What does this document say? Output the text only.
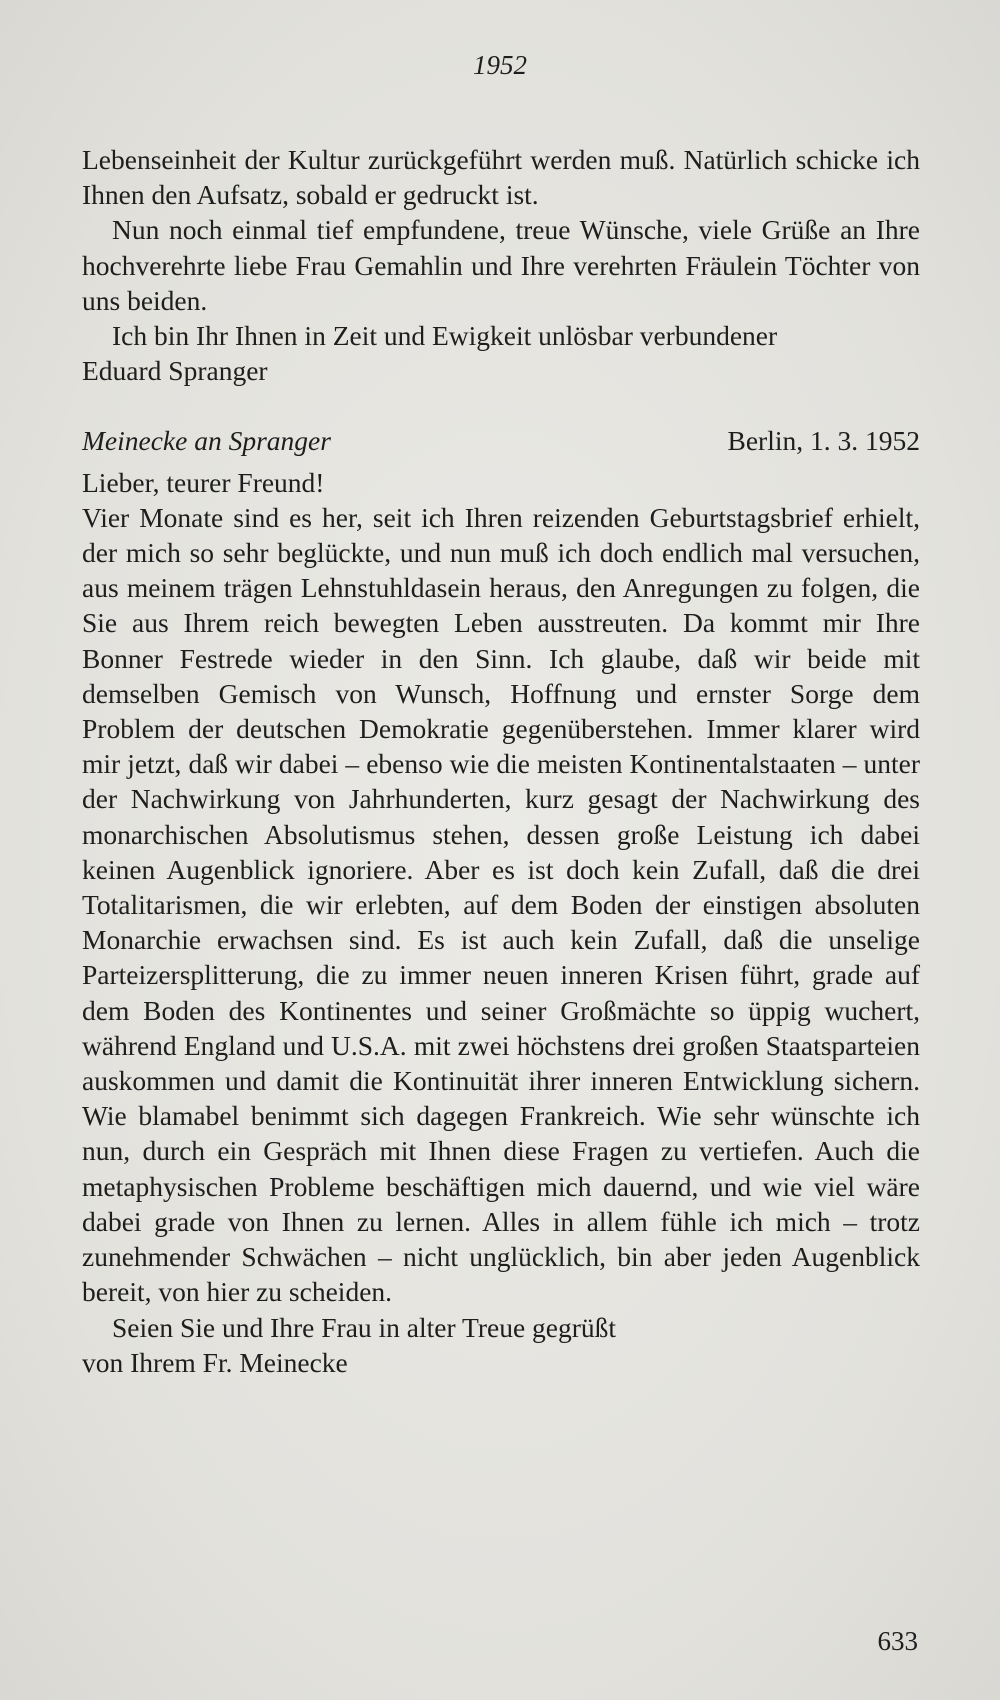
1952

Lebenseinheit der Kultur zurückgeführt werden muß. Natürlich schicke ich Ihnen den Aufsatz, sobald er gedruckt ist.

Nun noch einmal tief empfundene, treue Wünsche, viele Grüße an Ihre hochverehrte liebe Frau Gemahlin und Ihre verehrten Fräulein Töchter von uns beiden.

Ich bin Ihr Ihnen in Zeit und Ewigkeit unlösbar verbundener

Eduard Spranger

Meinecke an Spranger	Berlin, 1. 3. 1952

Lieber, teurer Freund!

Vier Monate sind es her, seit ich Ihren reizenden Geburtstagsbrief erhielt, der mich so sehr beglückte, und nun muß ich doch endlich mal versuchen, aus meinem trägen Lehnstuhldasein heraus, den Anregungen zu folgen, die Sie aus Ihrem reich bewegten Leben ausstreuten. Da kommt mir Ihre Bonner Festrede wieder in den Sinn. Ich glaube, daß wir beide mit demselben Gemisch von Wunsch, Hoffnung und ernster Sorge dem Problem der deutschen Demokratie gegenüberstehen. Immer klarer wird mir jetzt, daß wir dabei – ebenso wie die meisten Kontinentalstaaten – unter der Nachwirkung von Jahrhunderten, kurz gesagt der Nachwirkung des monarchischen Absolutismus stehen, dessen große Leistung ich dabei keinen Augenblick ignoriere. Aber es ist doch kein Zufall, daß die drei Totalitarismen, die wir erlebten, auf dem Boden der einstigen absoluten Monarchie erwachsen sind. Es ist auch kein Zufall, daß die unselige Parteizersplitterung, die zu immer neuen inneren Krisen führt, grade auf dem Boden des Kontinentes und seiner Großmächte so üppig wuchert, während England und U.S.A. mit zwei höchstens drei großen Staatsparteien auskommen und damit die Kontinuität ihrer inneren Entwicklung sichern. Wie blamabel benimmt sich dagegen Frankreich. Wie sehr wünschte ich nun, durch ein Gespräch mit Ihnen diese Fragen zu vertiefen. Auch die metaphysischen Probleme beschäftigen mich dauernd, und wie viel wäre dabei grade von Ihnen zu lernen. Alles in allem fühle ich mich – trotz zunehmender Schwächen – nicht unglücklich, bin aber jeden Augenblick bereit, von hier zu scheiden.

Seien Sie und Ihre Frau in alter Treue gegrüßt

von Ihrem Fr. Meinecke

633
